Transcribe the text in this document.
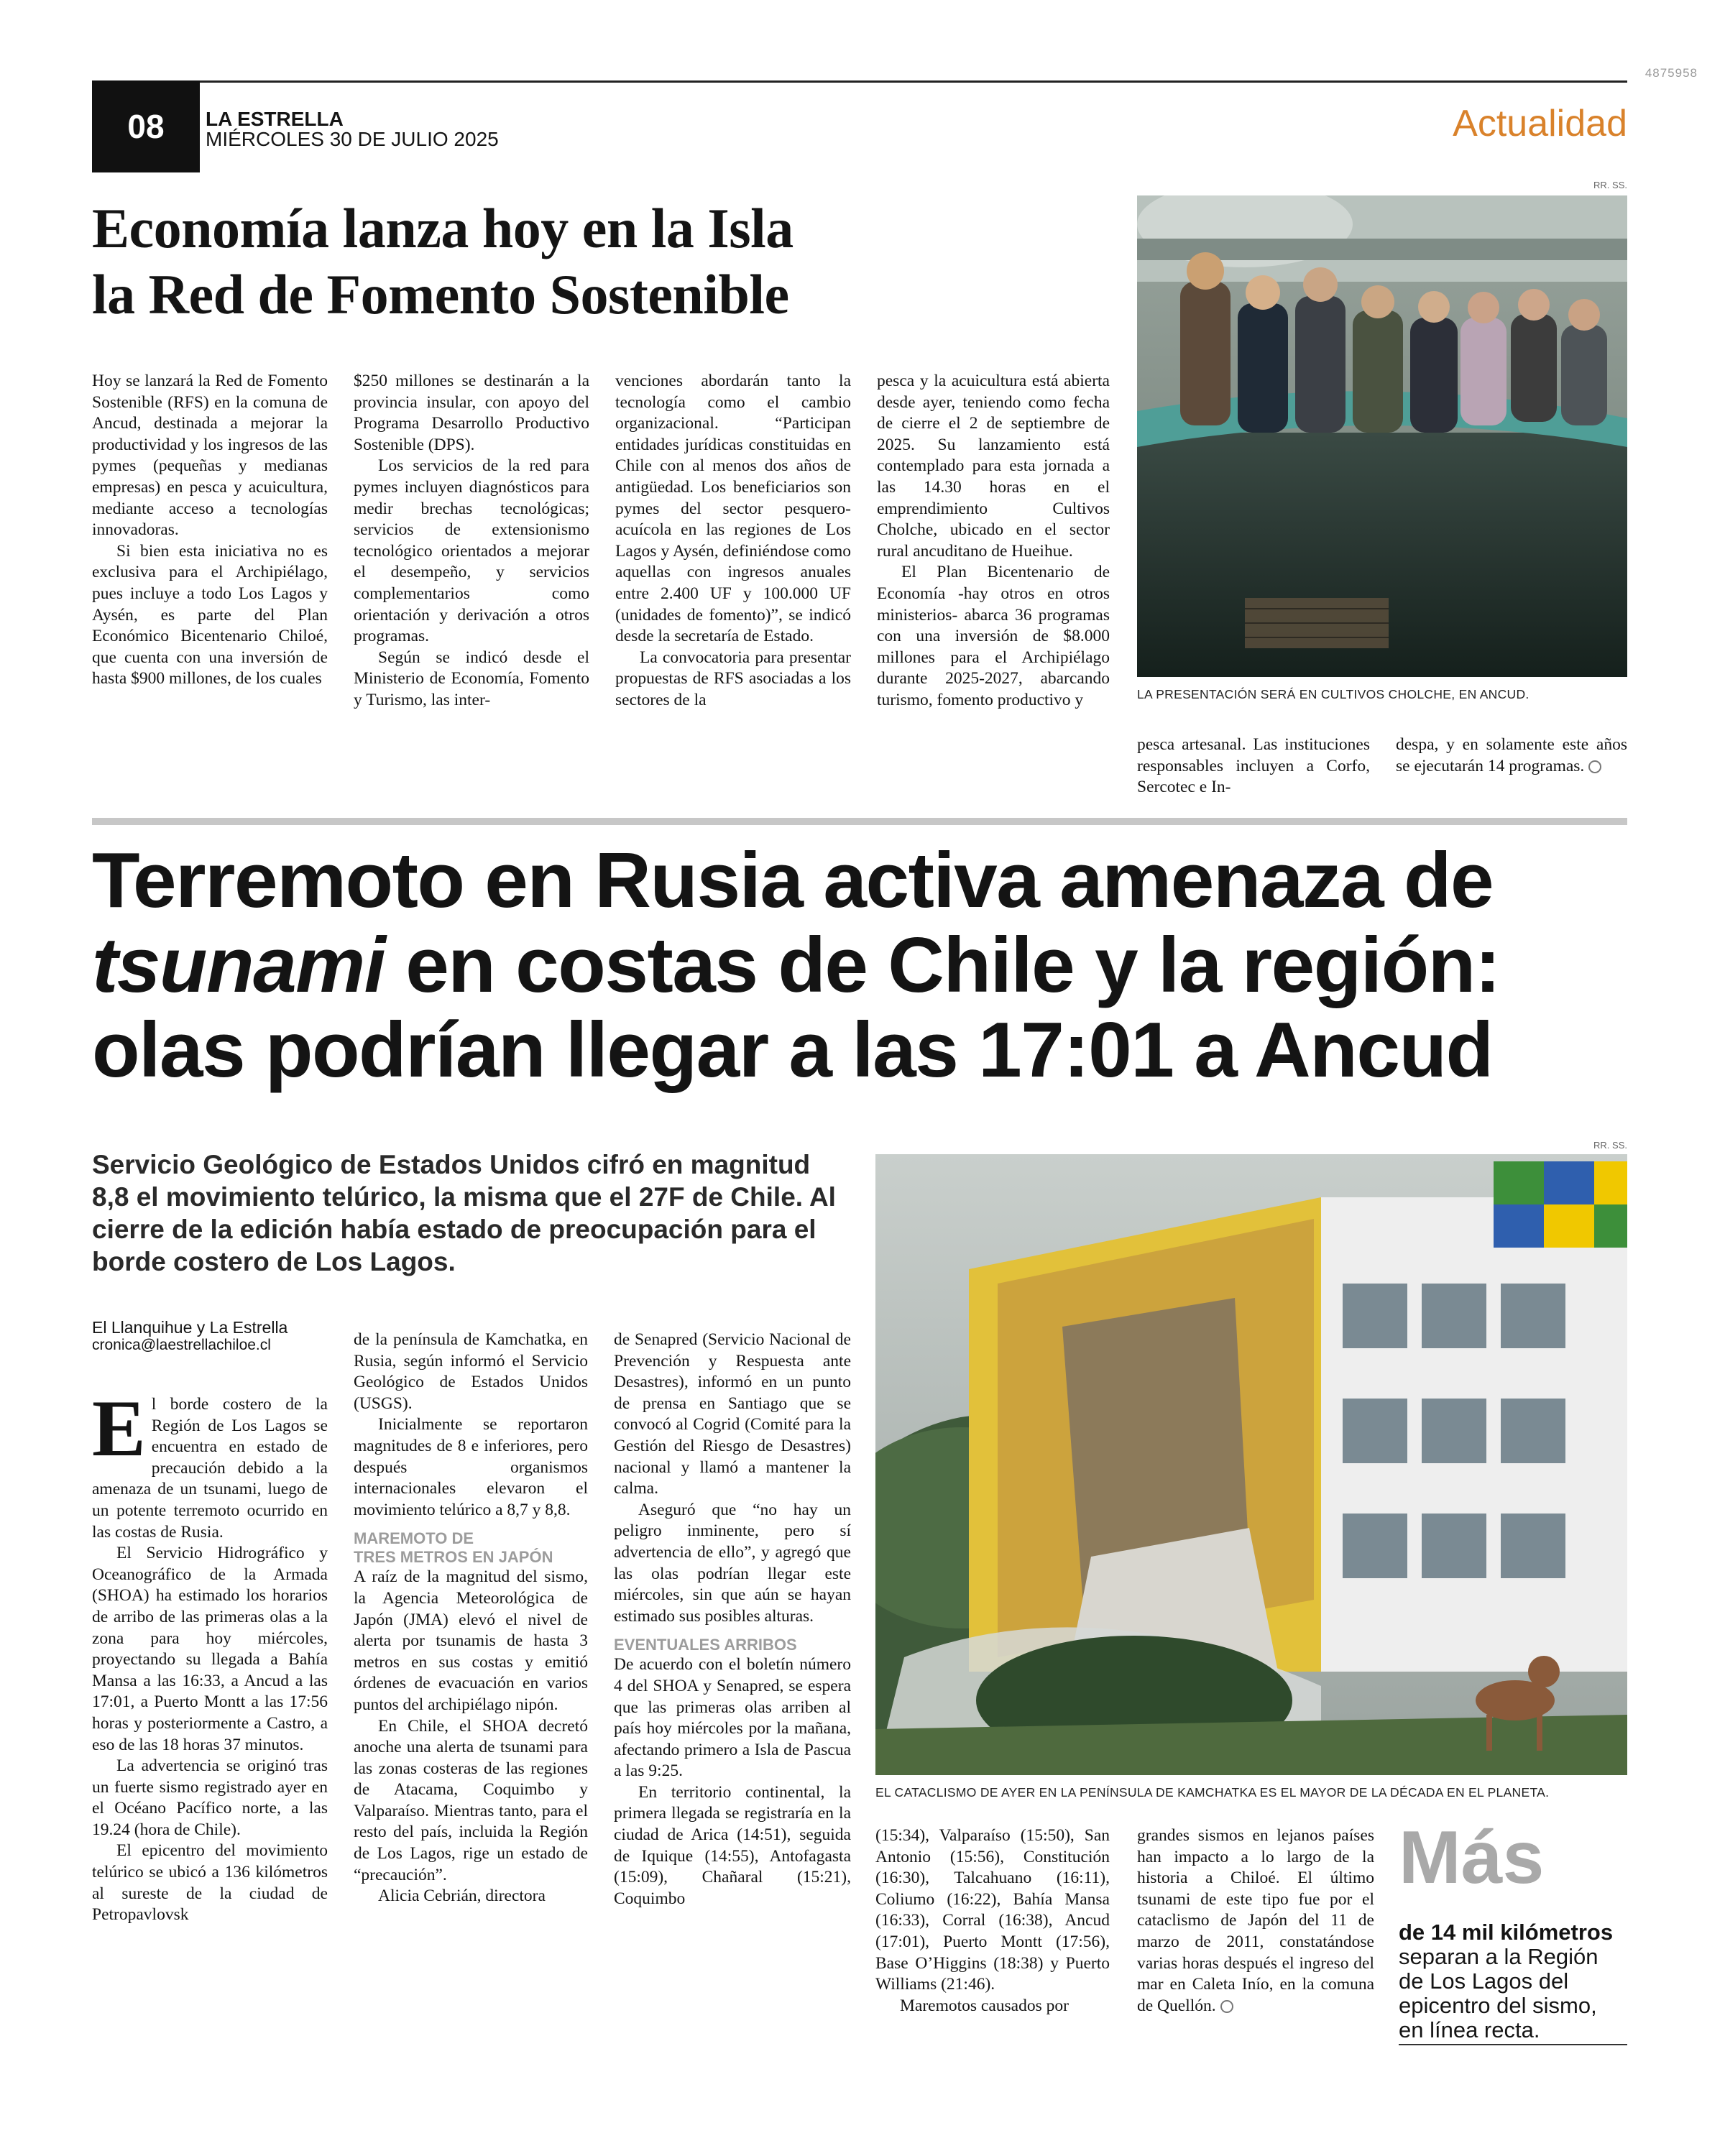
4875958
08	LA ESTRELLA
MIÉRCOLES 30 DE JULIO 2025	Actualidad
Economía lanza hoy en la Isla
la Red de Fomento Sostenible

Hoy se lanzará la Red de Fomento Sostenible (RFS) en la comuna de Ancud, destinada a mejorar la productividad y los ingresos de las pymes (pequeñas y medianas empresas) en pesca y acuicultura, mediante acceso a tecnologías innovadoras.

Si bien esta iniciativa no es exclusiva para el Archipiélago, pues incluye a todo Los Lagos y Aysén, es parte del Plan Económico Bicentenario Chiloé, que cuenta con una inversión de hasta $900 millones, de los cuales

$250 millones se destinarán a la provincia insular, con apoyo del Programa Desarrollo Productivo Sostenible (DPS).

Los servicios de la red para pymes incluyen diagnósticos para medir brechas tecnológicas; servicios de extensionismo tecnológico orientados a mejorar el desempeño, y servicios complementarios como orientación y derivación a otros programas.

Según se indicó desde el Ministerio de Economía, Fomento y Turismo, las inter-

venciones abordarán tanto la tecnología como el cambio organizacional. “Participan entidades jurídicas constituidas en Chile con al menos dos años de antigüedad. Los beneficiarios son pymes del sector pesquero-acuícola en las regiones de Los Lagos y Aysén, definiéndose como aquellas con ingresos anuales entre 2.400 UF y 100.000 UF (unidades de fomento)”, se indicó desde la secretaría de Estado.

La convocatoria para presentar propuestas de RFS asociadas a los sectores de la

pesca y la acuicultura está abierta desde ayer, teniendo como fecha de cierre el 2 de septiembre de 2025. Su lanzamiento está contemplado para esta jornada a las 14.30 horas en el emprendimiento Cultivos Cholche, ubicado en el sector rural ancuditano de Hueihue.

El Plan Bicentenario de Economía -hay otros en otros ministerios- abarca 36 programas con una inversión de $8.000 millones para el Archipiélago durante 2025-2027, abarcando turismo, fomento productivo y

RR. SS.
LA PRESENTACIÓN SERÁ EN CULTIVOS CHOLCHE, EN ANCUD.

pesca artesanal. Las instituciones responsables incluyen a Corfo, Sercotec e In-

despa, y en solamente este años se ejecutarán 14 programas.

Terremoto en Rusia activa amenaza de
tsunami en costas de Chile y la región:
olas podrían llegar a las 17:01 a Ancud
Servicio Geológico de Estados Unidos cifró en magnitud 8,8 el movimiento telúrico, la misma que el 27F de Chile. Al cierre de la edición había estado de preocupación para el borde costero de Los Lagos.
El Llanquihue y La Estrella
cronica@laestrellachiloe.cl

El borde costero de la Región de Los Lagos se encuentra en estado de precaución debido a la amenaza de un tsunami, luego de un potente terremoto ocurrido en las costas de Rusia.

El Servicio Hidrográfico y Oceanográfico de la Armada (SHOA) ha estimado los horarios de arribo de las primeras olas a la zona para hoy miércoles, proyectando su llegada a Bahía Mansa a las 16:33, a Ancud a las 17:01, a Puerto Montt a las 17:56 horas y posteriormente a Castro, a eso de las 18 horas 37 minutos.

La advertencia se originó tras un fuerte sismo registrado ayer en el Océano Pacífico norte, a las 19.24 (hora de Chile).

El epicentro del movimiento telúrico se ubicó a 136 kilómetros al sureste de la ciudad de Petropavlovsk

de la península de Kamchatka, en Rusia, según informó el Servicio Geológico de Estados Unidos (USGS).

Inicialmente se reportaron magnitudes de 8 e inferiores, pero después organismos internacionales elevaron el movimiento telúrico a 8,7 y 8,8.

MAREMOTO DE
TRES METROS EN JAPÓN

A raíz de la magnitud del sismo, la Agencia Meteorológica de Japón (JMA) elevó el nivel de alerta por tsunamis de hasta 3 metros en sus costas y emitió órdenes de evacuación en varios puntos del archipiélago nipón.

En Chile, el SHOA decretó anoche una alerta de tsunami para las zonas costeras de las regiones de Atacama, Coquimbo y Valparaíso. Mientras tanto, para el resto del país, incluida la Región de Los Lagos, rige un estado de “precaución”.

Alicia Cebrián, directora

de Senapred (Servicio Nacional de Prevención y Respuesta ante Desastres), informó en un punto de prensa en Santiago que se convocó al Cogrid (Comité para la Gestión del Riesgo de Desastres) nacional y llamó a mantener la calma.

Aseguró que “no hay un peligro inminente, pero sí advertencia de ello”, y agregó que las olas podrían llegar este miércoles, sin que aún se hayan estimado sus posibles alturas.

EVENTUALES ARRIBOS

De acuerdo con el boletín número 4 del SHOA y Senapred, se espera que las primeras olas arriben al país hoy miércoles por la mañana, afectando primero a Isla de Pascua a las 9:25.

En territorio continental, la primera llegada se registraría en la ciudad de Arica (14:51), seguida de Iquique (14:55), Antofagasta (15:09), Chañaral (15:21), Coquimbo

RR. SS.
EL CATACLISMO DE AYER EN LA PENÍNSULA DE KAMCHATKA ES EL MAYOR DE LA DÉCADA EN EL PLANETA.

(15:34), Valparaíso (15:50), San Antonio (15:56), Constitución (16:30), Talcahuano (16:11), Coliumo (16:22), Bahía Mansa (16:33), Corral (16:38), Ancud (17:01), Puerto Montt (17:56), Base O’Higgins (18:38) y Puerto Williams (21:46).

Maremotos causados por

grandes sismos en lejanos países han impacto a lo largo de la historia a Chiloé. El último tsunami de este tipo fue por el cataclismo de Japón del 11 de marzo de 2011, constatándose varias horas después el ingreso del mar en Caleta Inío, en la comuna de Quellón.

Más
de 14 mil kilómetros separan a la Región de Los Lagos del epicentro del sismo, en línea recta.
